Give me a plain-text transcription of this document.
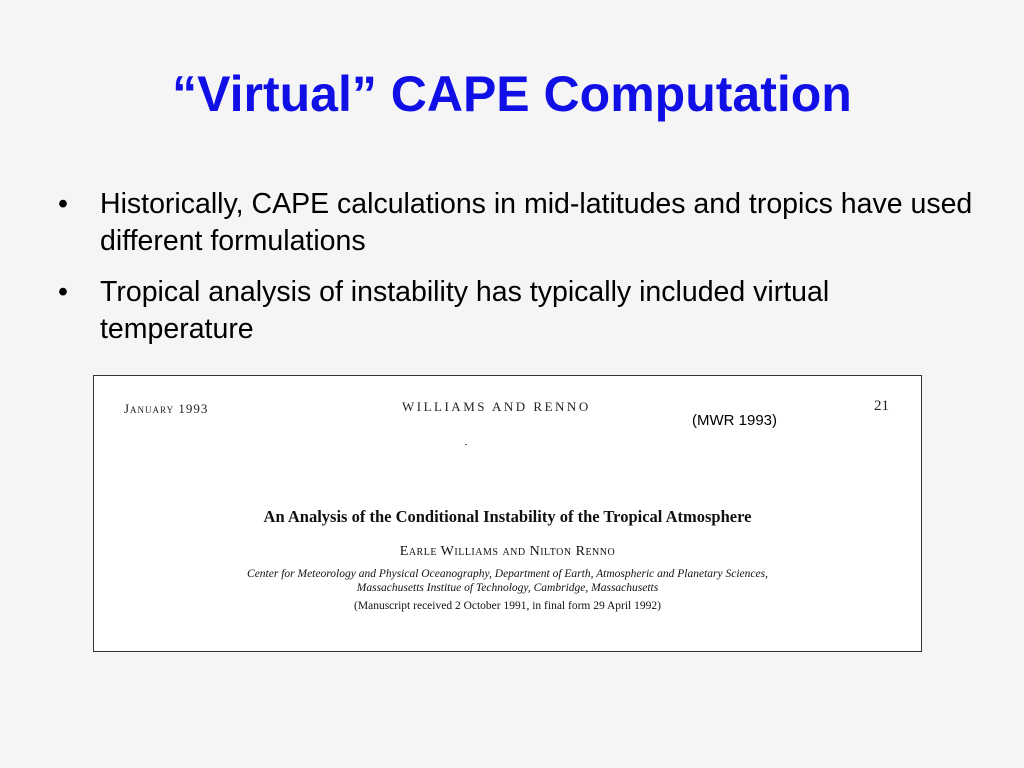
“Virtual” CAPE Computation
• Historically, CAPE calculations in mid-latitudes and tropics have used different formulations
• Tropical analysis of instability has typically included virtual temperature
January 1993	WILLIAMS AND RENNO	21
(MWR 1993)
An Analysis of the Conditional Instability of the Tropical Atmosphere
Earle Williams and Nilton Renno
Center for Meteorology and Physical Oceanography, Department of Earth, Atmospheric and Planetary Sciences,
Massachusetts Institue of Technology, Cambridge, Massachusetts
(Manuscript received 2 October 1991, in final form 29 April 1992)
